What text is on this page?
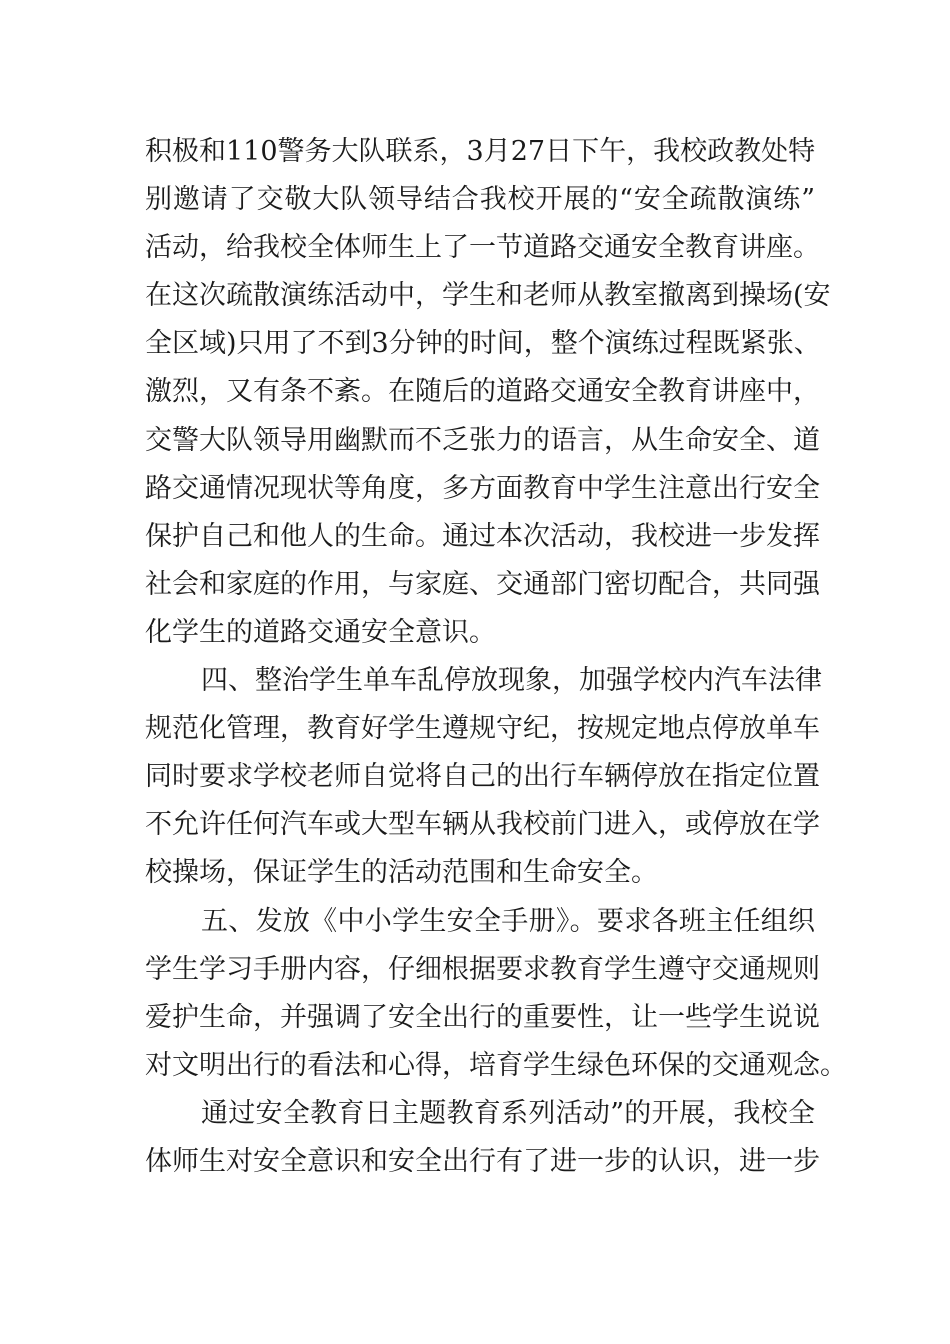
积极和110警务大队联系，3月27日下午，我校政教处特
别邀请了交敬大队领导结合我校开展的“安全疏散演练”
活动，给我校全体师生上了一节道路交通安全教育讲座。
在这次疏散演练活动中，学生和老师从教室撤离到操场(安
全区域)只用了不到3分钟的时间，整个演练过程既紧张、
激烈，又有条不紊。在随后的道路交通安全教育讲座中，
交警大队领导用幽默而不乏张力的语言，从生命安全、道
路交通情况现状等角度，多方面教育中学生注意出行安全
保护自己和他人的生命。通过本次活动，我校进一步发挥
社会和家庭的作用，与家庭、交通部门密切配合，共同强
化学生的道路交通安全意识。
四、整治学生单车乱停放现象，加强学校内汽车法律
规范化管理，教育好学生遵规守纪，按规定地点停放单车
同时要求学校老师自觉将自己的出行车辆停放在指定位置
不允许任何汽车或大型车辆从我校前门进入，或停放在学
校操场，保证学生的活动范围和生命安全。
五、发放《中小学生安全手册》。要求各班主任组织
学生学习手册内容，仔细根据要求教育学生遵守交通规则
爱护生命，并强调了安全出行的重要性，让一些学生说说
对文明出行的看法和心得，培育学生绿色环保的交通观念。
通过安全教育日主题教育系列活动”的开展，我校全
体师生对安全意识和安全出行有了进一步的认识，进一步
